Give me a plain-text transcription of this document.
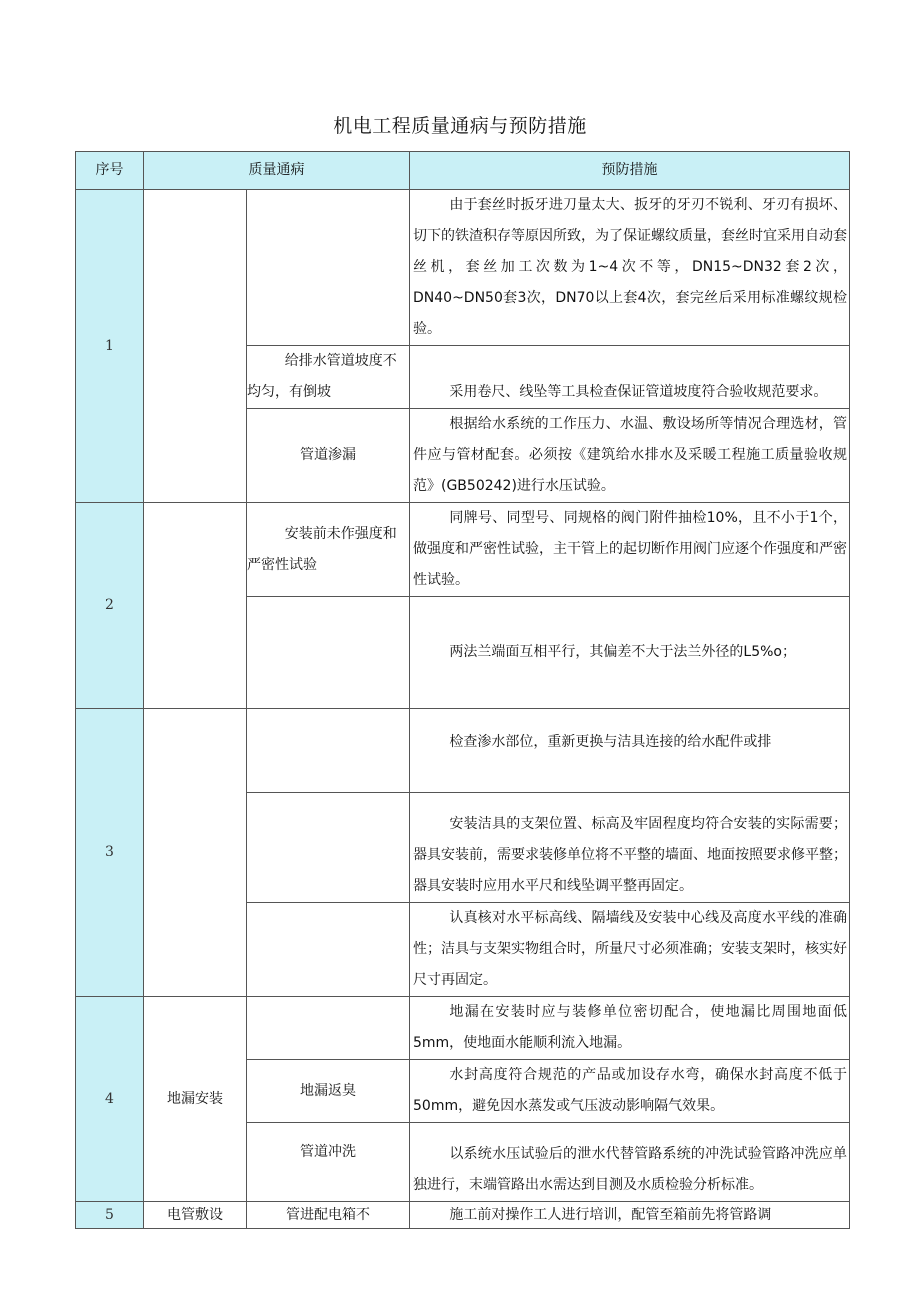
机电工程质量通病与预防措施
序号	质量通病		预防措施
1			由于套丝时扳牙进刀量太大、扳牙的牙刃不锐利、牙刃有损坏、切下的铁渣积存等原因所致，为了保证螺纹质量，套丝时宜采用自动套丝机，套丝加工次数为1~4次不等，DN15~DN32套2次，DN40~DN50套3次，DN70以上套4次，套完丝后采用标准螺纹规检验。

		给排水管道坡度不均匀，有倒坡	采用卷尺、线坠等工具检查保证管道坡度符合验收规范要求。

		管道渗漏	根据给水系统的工作压力、水温、敷设场所等情况合理选材，管件应与管材配套。必须按《建筑给水排水及采暖工程施工质量验收规范》(GB50242)进行水压试验。

2		安装前未作强度和严密性试验	同牌号、同型号、同规格的阀门附件抽检10%，且不小于1个，做强度和严密性试验，主干管上的起切断作用阀门应逐个作强度和严密性试验。

			两法兰端面互相平行，其偏差不大于法兰外径的L5%o；

3			检查渗水部位，重新更换与洁具连接的给水配件或排

			安装洁具的支架位置、标高及牢固程度均符合安装的实际需要；器具安装前，需要求装修单位将不平整的墙面、地面按照要求修平整；器具安装时应用水平尺和线坠调平整再固定。

			认真核对水平标高线、隔墙线及安装中心线及高度水平线的准确性；洁具与支架实物组合时，所量尺寸必须准确；安装支架时，核实好尺寸再固定。

4	地漏安装		地漏在安装时应与装修单位密切配合，使地漏比周围地面低5mm，使地面水能顺利流入地漏。

		地漏返臭	水封高度符合规范的产品或加设存水弯，确保水封高度不低于50mm，避免因水蒸发或气压波动影响隔气效果。

		管道冲洗	以系统水压试验后的泄水代替管路系统的冲洗试验管路冲洗应单独进行，末端管路出水需达到目测及水质检验分析标准。

5	电管敷设	管进配电箱不	施工前对操作工人进行培训，配管至箱前先将管路调
